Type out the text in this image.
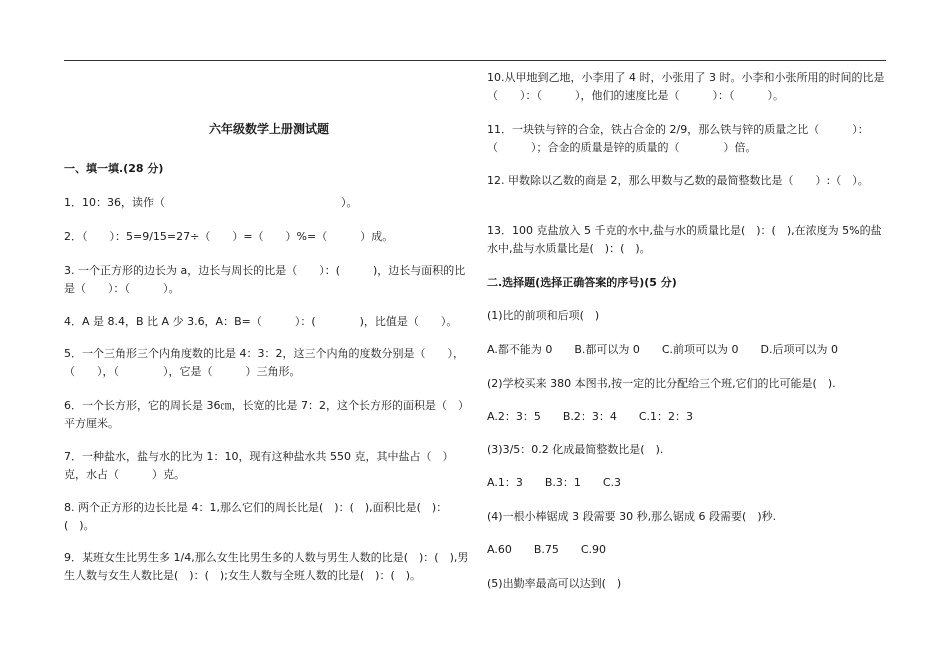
六年级数学上册测试题

一、填一填.(28 分)

1．10：36，读作（　　　　　　　　　　　　　　　　）。

2．（　　）：5=9/15=27÷（　　）=（　　）%=（　　　）成。

3. 一个正方形的边长为 a，边长与周长的比是（　　）：(　　　)，边长与面积的比是（　　）：（　　　）。

4．A 是 8.4，B 比 A 少 3.6，A：B=（　　　）：(　　　　)，比值是（　　）。

5．一个三角形三个内角度数的比是 4：3：2，这三个内角的度数分别是（　　），（　　），（　　　　），它是（　　　）三角形。

6．一个长方形，它的周长是 36㎝，长宽的比是 7：2，这个长方形的面积是（　）平方厘米。

7．一种盐水，盐与水的比为 1：10，现有这种盐水共 550 克，其中盐占（　）克，水占（　　　）克。

8. 两个正方形的边长比是 4：1,那么它们的周长比是(　)：(　),面积比是(　)：(　)。

9．某班女生比男生多 1/4,那么女生比男生多的人数与男生人数的比是(　)：(　),男生人数与女生人数比是(　)：(　);女生人数与全班人数的比是(　)：(　)。

10.从甲地到乙地，小李用了 4 时，小张用了 3 时。小李和小张所用的时间的比是（　　）：（　　　），他们的速度比是（　　　）：（　　　）。

11．一块铁与锌的合金，铁占合金的 2/9，那么铁与锌的质量之比（　　　）：（　　　）；合金的质量是锌的质量的（　　　　）倍。

12. 甲数除以乙数的商是 2，那么甲数与乙数的最简整数比是（　　）:（　）。

13．100 克盐放入 5 千克的水中,盐与水的质量比是(　)：(　),在浓度为 5%的盐水中,盐与水质量比是(　)：(　)。

二.选择题(选择正确答案的序号)(5 分)

(1)比的前项和后项(　)

A.都不能为 0　　B.都可以为 0　　C.前项可以为 0　　D.后项可以为 0

(2)学校买来 380 本图书,按一定的比分配给三个班,它们的比可能是(　).

A.2：3：5　　B.2：3：4　　C.1：2：3

(3)3/5：0.2 化成最简整数比是(　).

A.1：3　　B.3：1　　C.3

(4)一根小棒锯成 3 段需要 30 秒,那么锯成 6 段需要(　)秒.

A.60　　B.75　　C.90

(5)出勤率最高可以达到(　)
